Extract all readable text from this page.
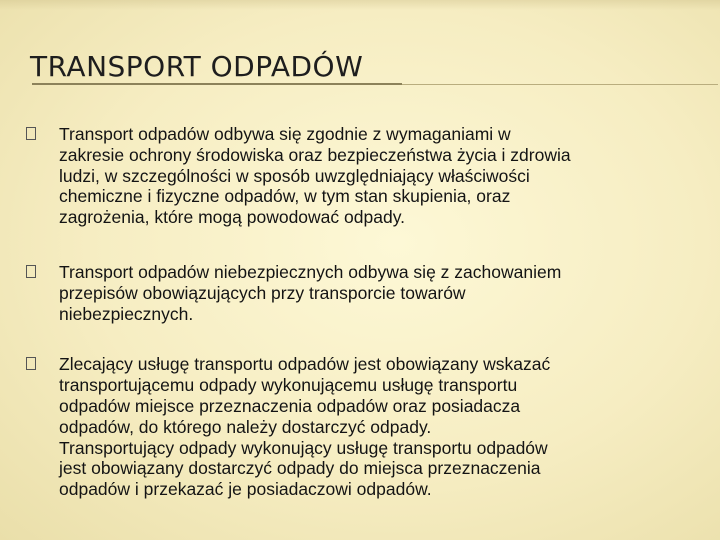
TRANSPORT ODPADÓW
Transport odpadów odbywa się zgodnie z wymaganiami w
zakresie ochrony środowiska oraz bezpieczeństwa życia i zdrowia
ludzi, w szczególności w sposób uwzględniający właściwości
chemiczne i fizyczne odpadów, w tym stan skupienia, oraz
zagrożenia, które mogą powodować odpady.
Transport odpadów niebezpiecznych odbywa się z zachowaniem
przepisów obowiązujących przy transporcie towarów
niebezpiecznych.
Zlecający usługę transportu odpadów jest obowiązany wskazać
transportującemu odpady wykonującemu usługę transportu
odpadów miejsce przeznaczenia odpadów oraz posiadacza
odpadów, do którego należy dostarczyć odpady.
Transportujący odpady wykonujący usługę transportu odpadów
jest obowiązany dostarczyć odpady do miejsca przeznaczenia
odpadów i przekazać je posiadaczowi odpadów.
